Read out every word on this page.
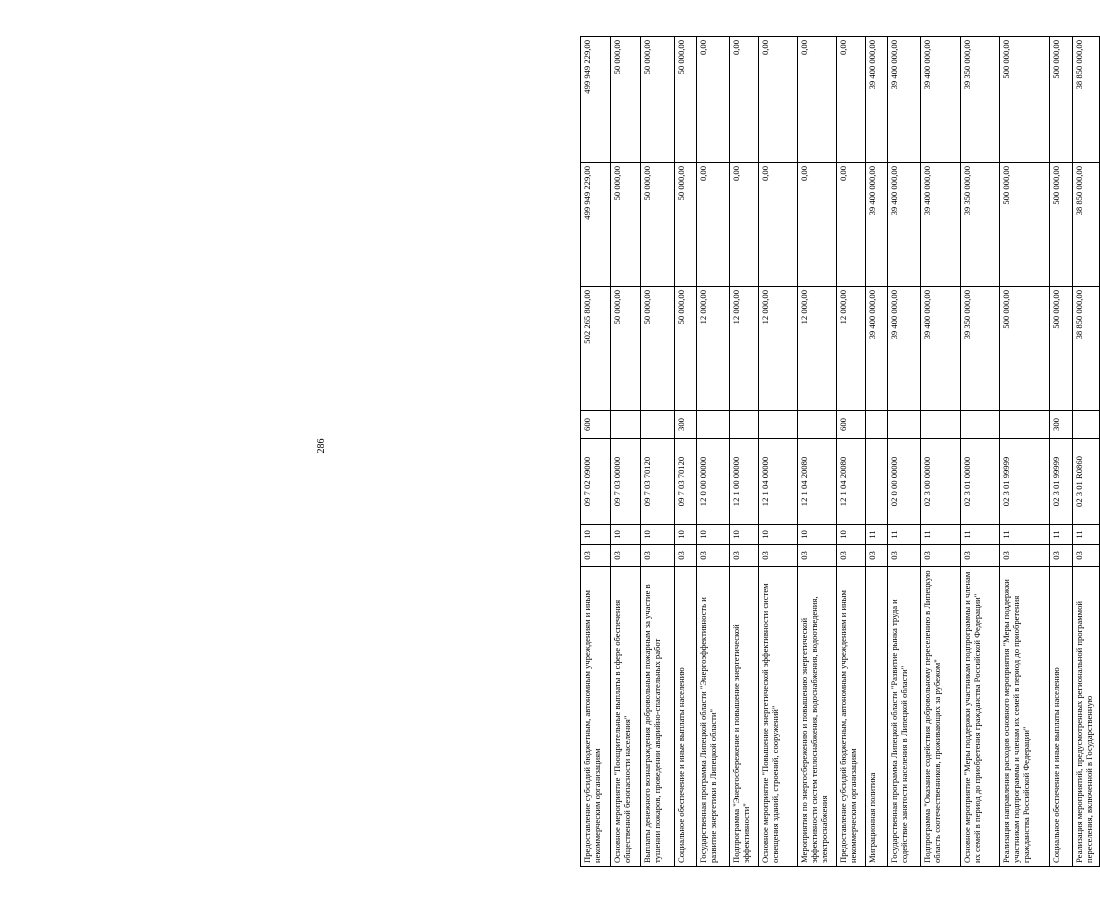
286
Предоставление субсидий бюджетным, автономным учреждениям и иным некоммерческим организациям	03	10	09 7 02 09000	600	502 265 800,00	499 949 229,00	499 949 229,00
Основное мероприятие "Поощрительные выплаты в сфере обеспечения общественной безопасности населения"	03	10	09 7 03 00000		50 000,00	50 000,00	50 000,00
Выплаты денежного вознаграждения добровольным пожарным за участие в тушении пожаров, проведении аварийно-спасательных работ	03	10	09 7 03 70120		50 000,00	50 000,00	50 000,00
Социальное обеспечение и иные выплаты населению	03	10	09 7 03 70120	300	50 000,00	50 000,00	50 000,00
Государственная программа Липецкой области "Энергоэффективность и развитие энергетики в Липецкой области"	03	10	12 0 00 00000		12 000,00	0,00	0,00
Подпрограмма "Энергосбережение и повышение энергетической эффективности"	03	10	12 1 00 00000		12 000,00	0,00	0,00
Основное мероприятие "Повышение энергетической эффективности систем освещения зданий, строений, сооружений"	03	10	12 1 04 00000		12 000,00	0,00	0,00
Мероприятия по энергосбережению и повышению энергетической эффективности систем теплоснабжения, водоснабжения, водоотведения, электроснабжения	03	10	12 1 04 20080		12 000,00	0,00	0,00
Предоставление субсидий бюджетным, автономным учреждениям и иным некоммерческим организациям	03	10	12 1 04 20080	600	12 000,00	0,00	0,00
Миграционная политика	03	11			39 400 000,00	39 400 000,00	39 400 000,00
Государственная программа Липецкой области "Развитие рынка труда и содействие занятости населения в Липецкой области"	03	11	02 0 00 00000		39 400 000,00	39 400 000,00	39 400 000,00
Подпрограмма "Оказание содействия добровольному переселению в Липецкую область соотечественников, проживающих за рубежом"	03	11	02 3 00 00000		39 400 000,00	39 400 000,00	39 400 000,00
Основное мероприятие "Меры поддержки участникам подпрограммы и членам их семей в период до приобретения гражданства Российской Федерации"	03	11	02 3 01 00000		39 350 000,00	39 350 000,00	39 350 000,00
Реализация направления расходов основного мероприятия "Меры поддержки участникам подпрограммы и членам их семей в период до приобретения гражданства Российской Федерации"	03	11	02 3 01 99999		500 000,00	500 000,00	500 000,00
Социальное обеспечение и иные выплаты населению	03	11	02 3 01 99999	300	500 000,00	500 000,00	500 000,00
Реализация мероприятий, предусмотренных региональной программой переселения, включенной в Государственную	03	11	02 3 01 R0860		38 850 000,00	38 850 000,00	38 850 000,00
